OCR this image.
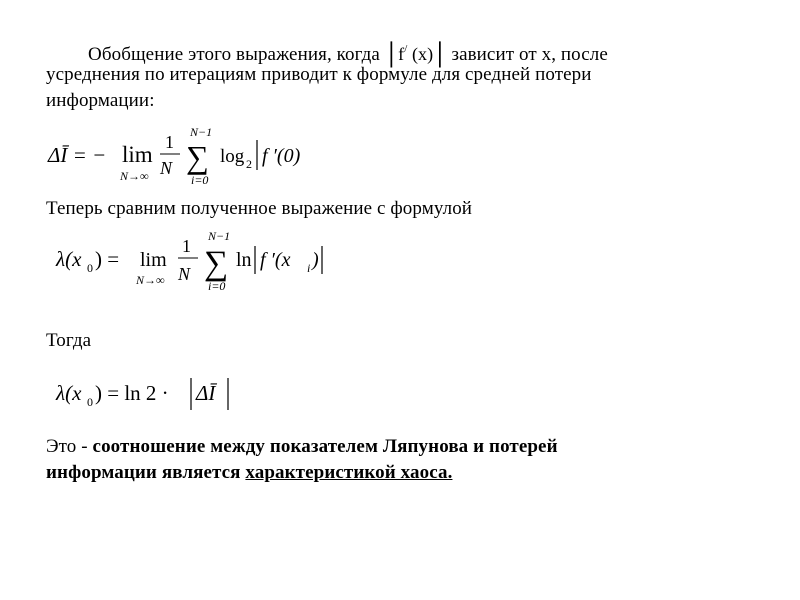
Обобщение этого выражения, когда │f/ (x)│ зависит от х, после
усреднения по итерациям приводит к формуле для средней потери
информации:
ΔĪ = − lim
N→∞
1
N
N−1
∑
i=0
log 2 f ′(0)
Теперь сравним полученное выражение с формулой
λ(x 0 ) = lim
N→∞
1
N
N−1
∑
i=0
ln f ′(x i )
Тогда
λ(x 0 ) = ln 2 · ΔĪ
Это - соотношение между показателем Ляпунова и потерей
информации является характеристикой хаоса.
